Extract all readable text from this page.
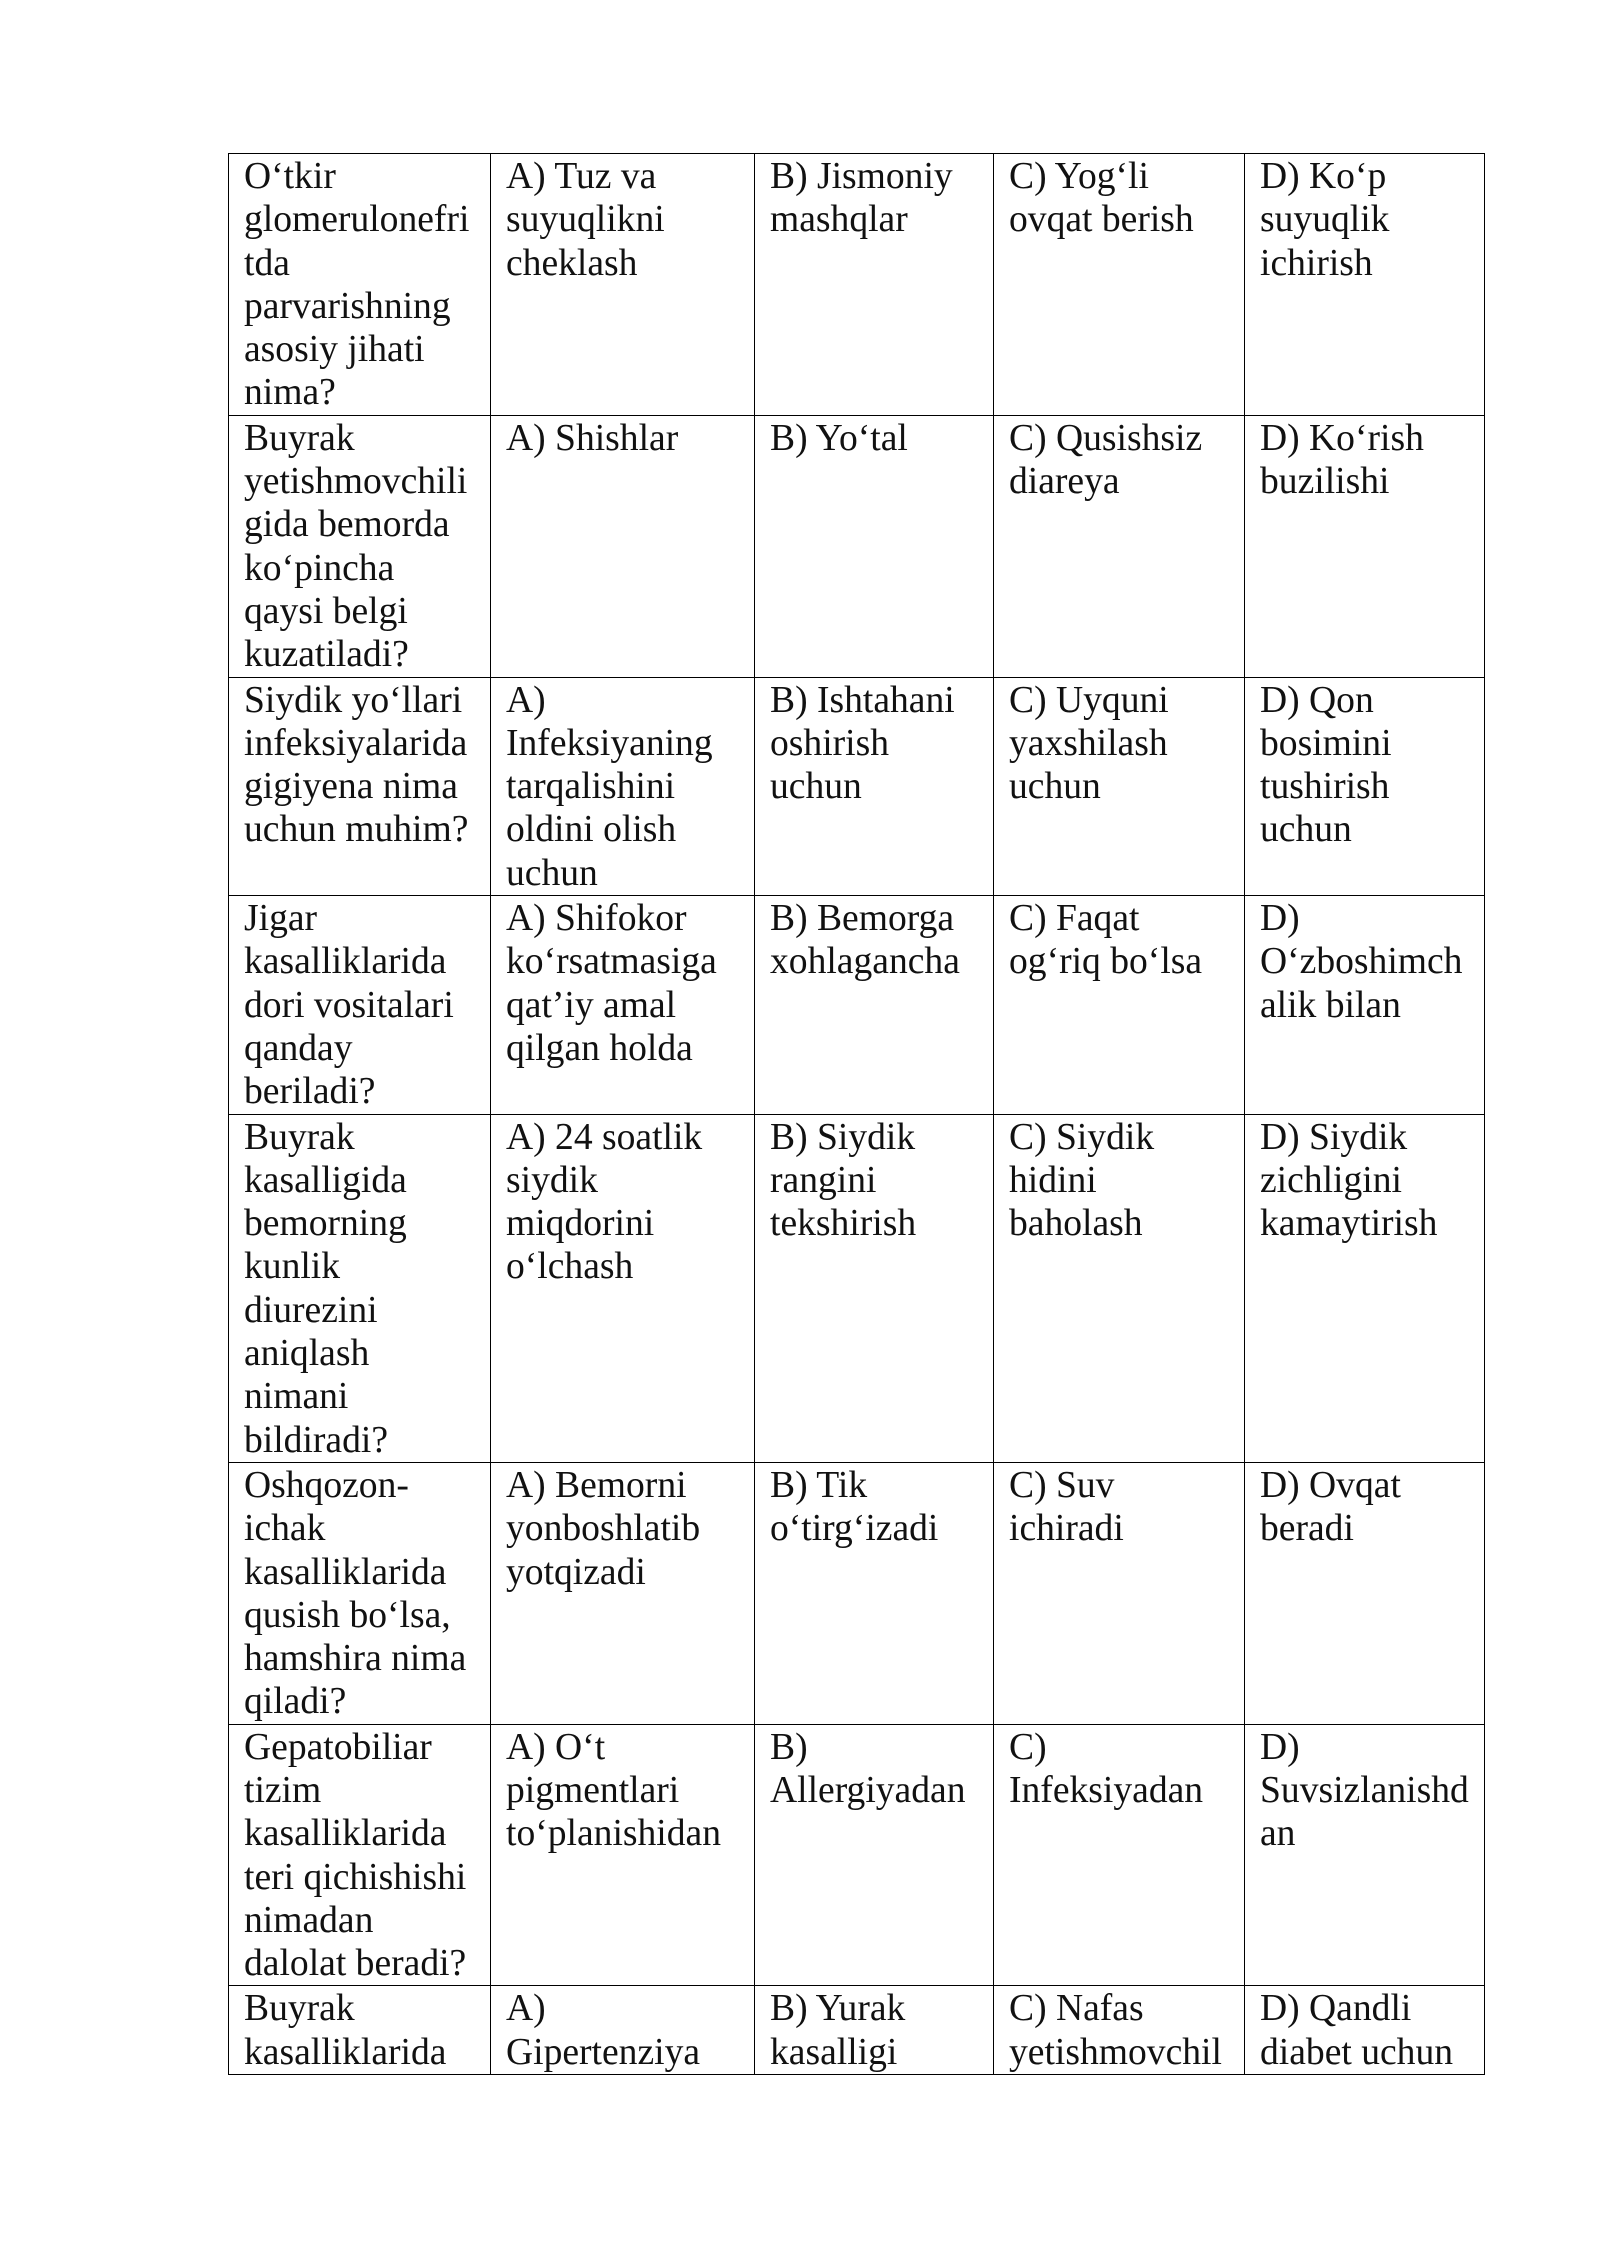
O‘tkir glomerulonefritda parvarishning asosiy jihati nima?	A) Tuz va suyuqlikni cheklash	B) Jismoniy mashqlar	C) Yog‘li ovqat berish	D) Ko‘p suyuqlik ichirish
Buyrak yetishmovchiligida bemorda ko‘pincha qaysi belgi kuzatiladi?	A) Shishlar	B) Yo‘tal	C) Qusishsiz diareya	D) Ko‘rish buzilishi
Siydik yo‘llari infeksiyalarida gigiyena nima uchun muhim?	A) Infeksiyaning tarqalishini oldini olish uchun	B) Ishtahani oshirish uchun	C) Uyquni yaxshilash uchun	D) Qon bosimini tushirish uchun
Jigar kasalliklarida dori vositalari qanday beriladi?	A) Shifokor ko‘rsatmasiga qat’iy amal qilgan holda	B) Bemorga xohlagancha	C) Faqat og‘riq bo‘lsa	D) O‘zboshimchalik bilan
Buyrak kasalligida bemorning kunlik diurezini aniqlash nimani bildiradi?	A) 24 soatlik siydik miqdorini o‘lchash	B) Siydik rangini tekshirish	C) Siydik hidini baholash	D) Siydik zichligini kamaytirish
Oshqozon-ichak kasalliklarida qusish bo‘lsa, hamshira nima qiladi?	A) Bemorni yonboshlatib yotqizadi	B) Tik o‘tirg‘izadi	C) Suv ichiradi	D) Ovqat beradi
Gepatobiliar tizim kasalliklarida teri qichishishi nimadan dalolat beradi?	A) O‘t pigmentlari to‘planishidan	B) Allergiyadan	C) Infeksiyadan	D) Suvsizlanishdan
Buyrak kasalliklarida	A) Gipertenziya	B) Yurak kasalligi	C) Nafas yetishmovchil	D) Qandli diabet uchun
